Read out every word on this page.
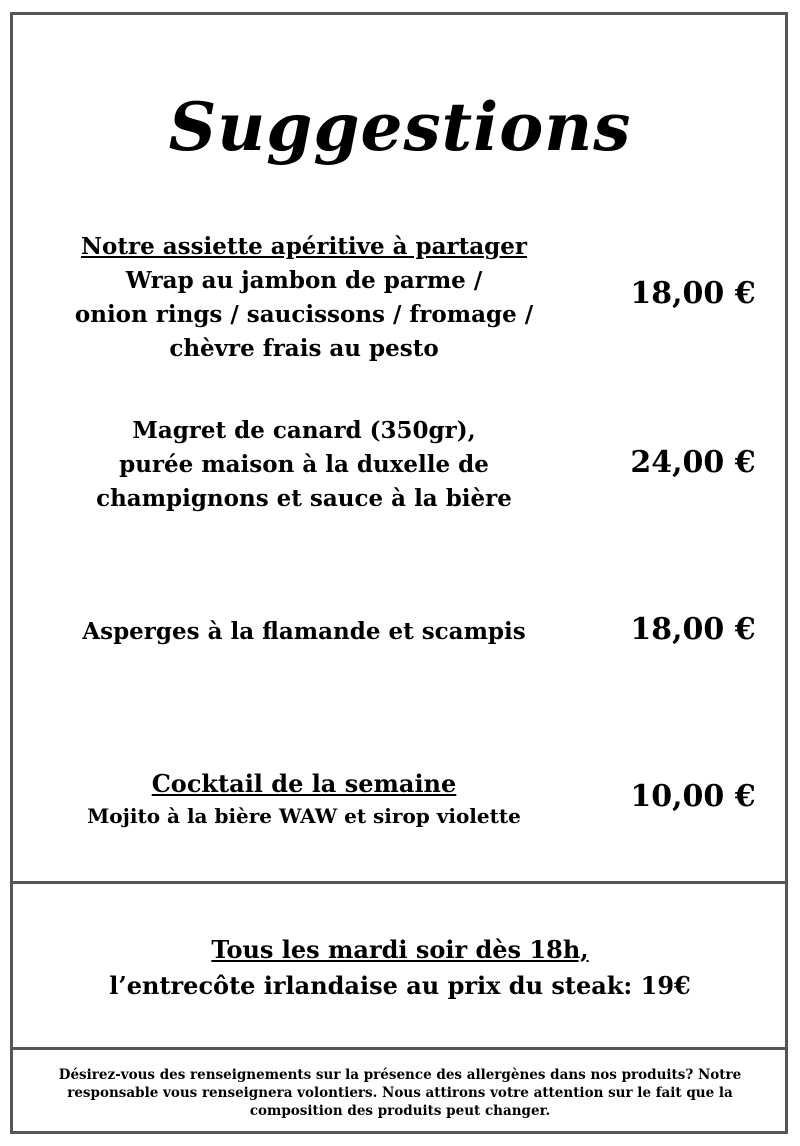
Suggestions
Notre assiette apéritive à partager
Wrap au jambon de parme /
onion rings / saucissons / fromage /
chèvre frais au pesto
18,00 €
Magret de canard (350gr),
purée maison à la duxelle de
champignons et sauce à la bière
24,00 €
Asperges à la flamande et scampis	18,00 €
Cocktail de la semaine
Mojito à la bière WAW et sirop violette
10,00 €
Tous les mardi soir dès 18h,
l’entrecôte irlandaise au prix du steak: 19€
Désirez-vous des renseignements sur la présence des allergènes dans nos produits? Notre
responsable vous renseignera volontiers. Nous attirons votre attention sur le fait que la
composition des produits peut changer.
